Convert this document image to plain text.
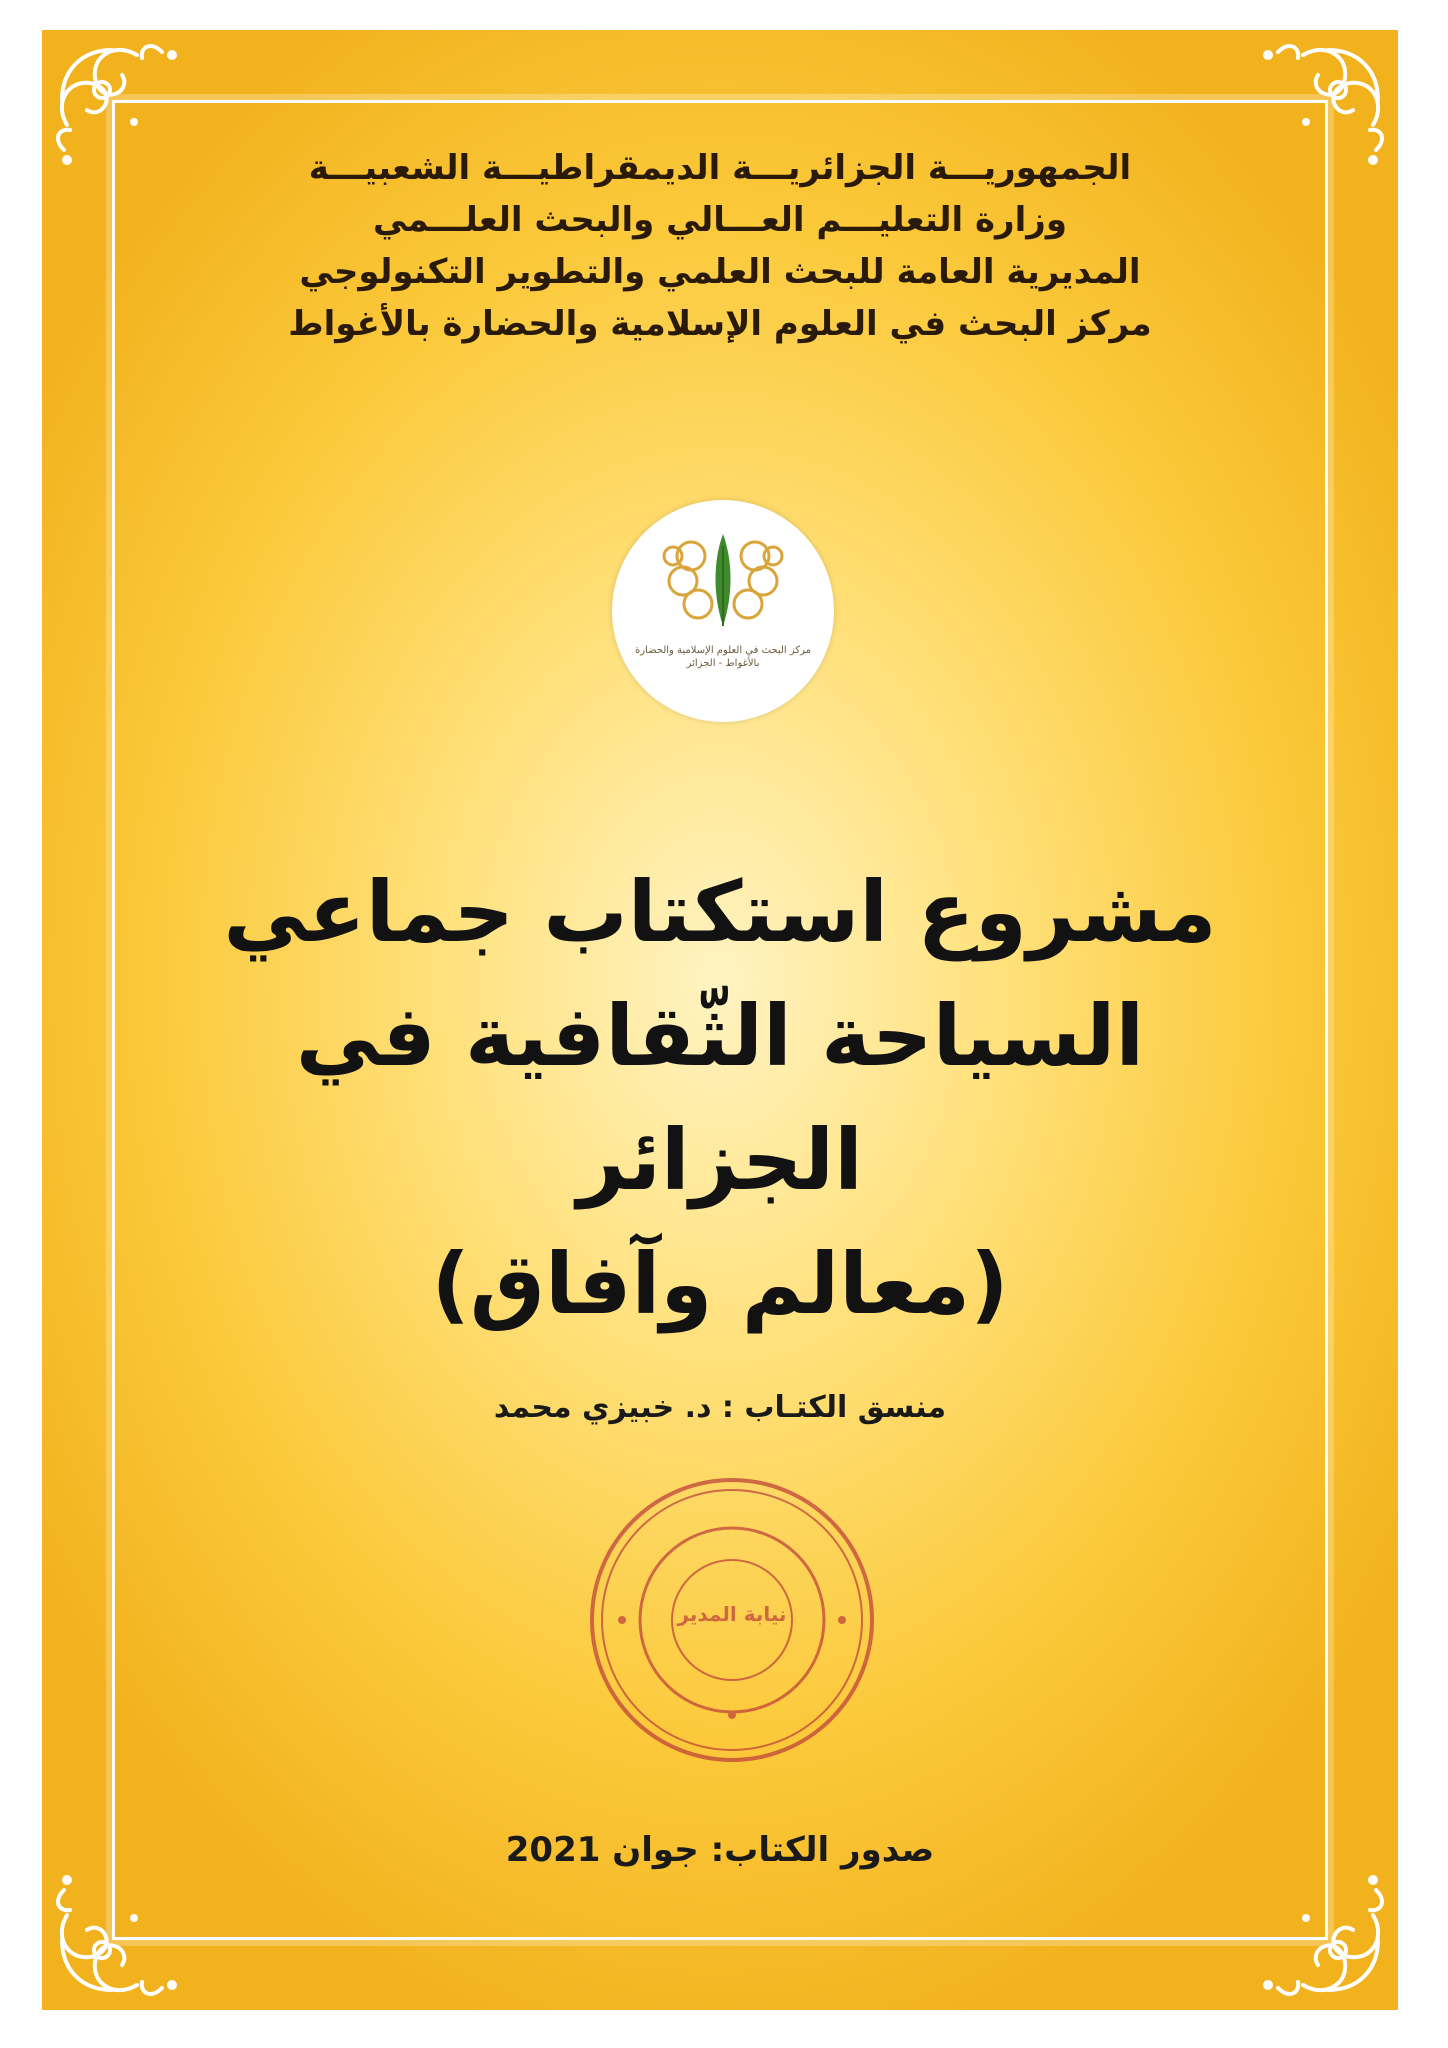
الجمهوريـــة الجزائريـــة الديمقراطيـــة الشعبيـــة
وزارة التعليـــم العـــالي والبحث العلـــمي
المديرية العامة للبحث العلمي والتطوير التكنولوجي
مركز البحث في العلوم الإسلامية والحضارة بالأغواط
مركز البحث في العلوم الإسلامية والحضارة بالأغواط - الجزائر
مشروع استكتاب جماعي
السياحة الثّقافية في الجزائر
(معالم وآفاق)
منسق الكتـاب : د. خبيزي محمد
نيابة المدير
صدور الكتاب: جوان 2021
